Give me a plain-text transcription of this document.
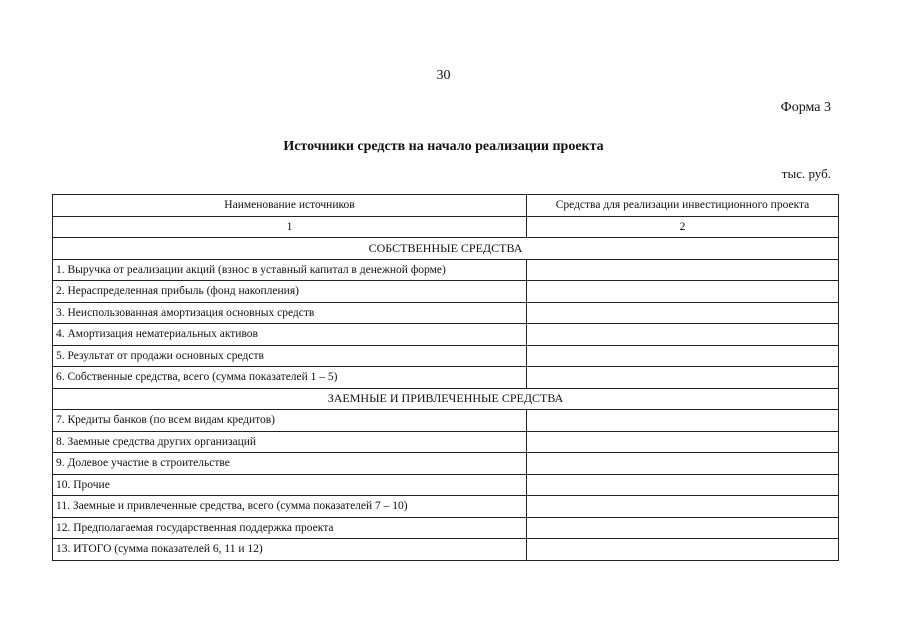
30
Форма 3
Источники средств на начало реализации проекта
тыс. руб.
Наименование источников	Средства для реализации инвестиционного проекта
1	2
СОБСТВЕННЫЕ СРЕДСТВА	
1. Выручка от реализации акций (взнос в уставный капитал в денежной форме)	
2. Нераспределенная прибыль (фонд накопления)	
3. Неиспользованная амортизация основных средств	
4. Амортизация нематериальных активов	
5. Результат от продажи основных средств	
6. Собственные средства, всего (сумма показателей 1 – 5)	
ЗАЕМНЫЕ И ПРИВЛЕЧЕННЫЕ СРЕДСТВА	
7. Кредиты банков (по всем видам кредитов)	
8. Заемные средства других организаций	
9. Долевое участие в строительстве	
10. Прочие	
11. Заемные и привлеченные средства, всего (сумма показателей 7 – 10)	
12. Предполагаемая государственная поддержка проекта	
13. ИТОГО (сумма показателей 6, 11 и 12)	
